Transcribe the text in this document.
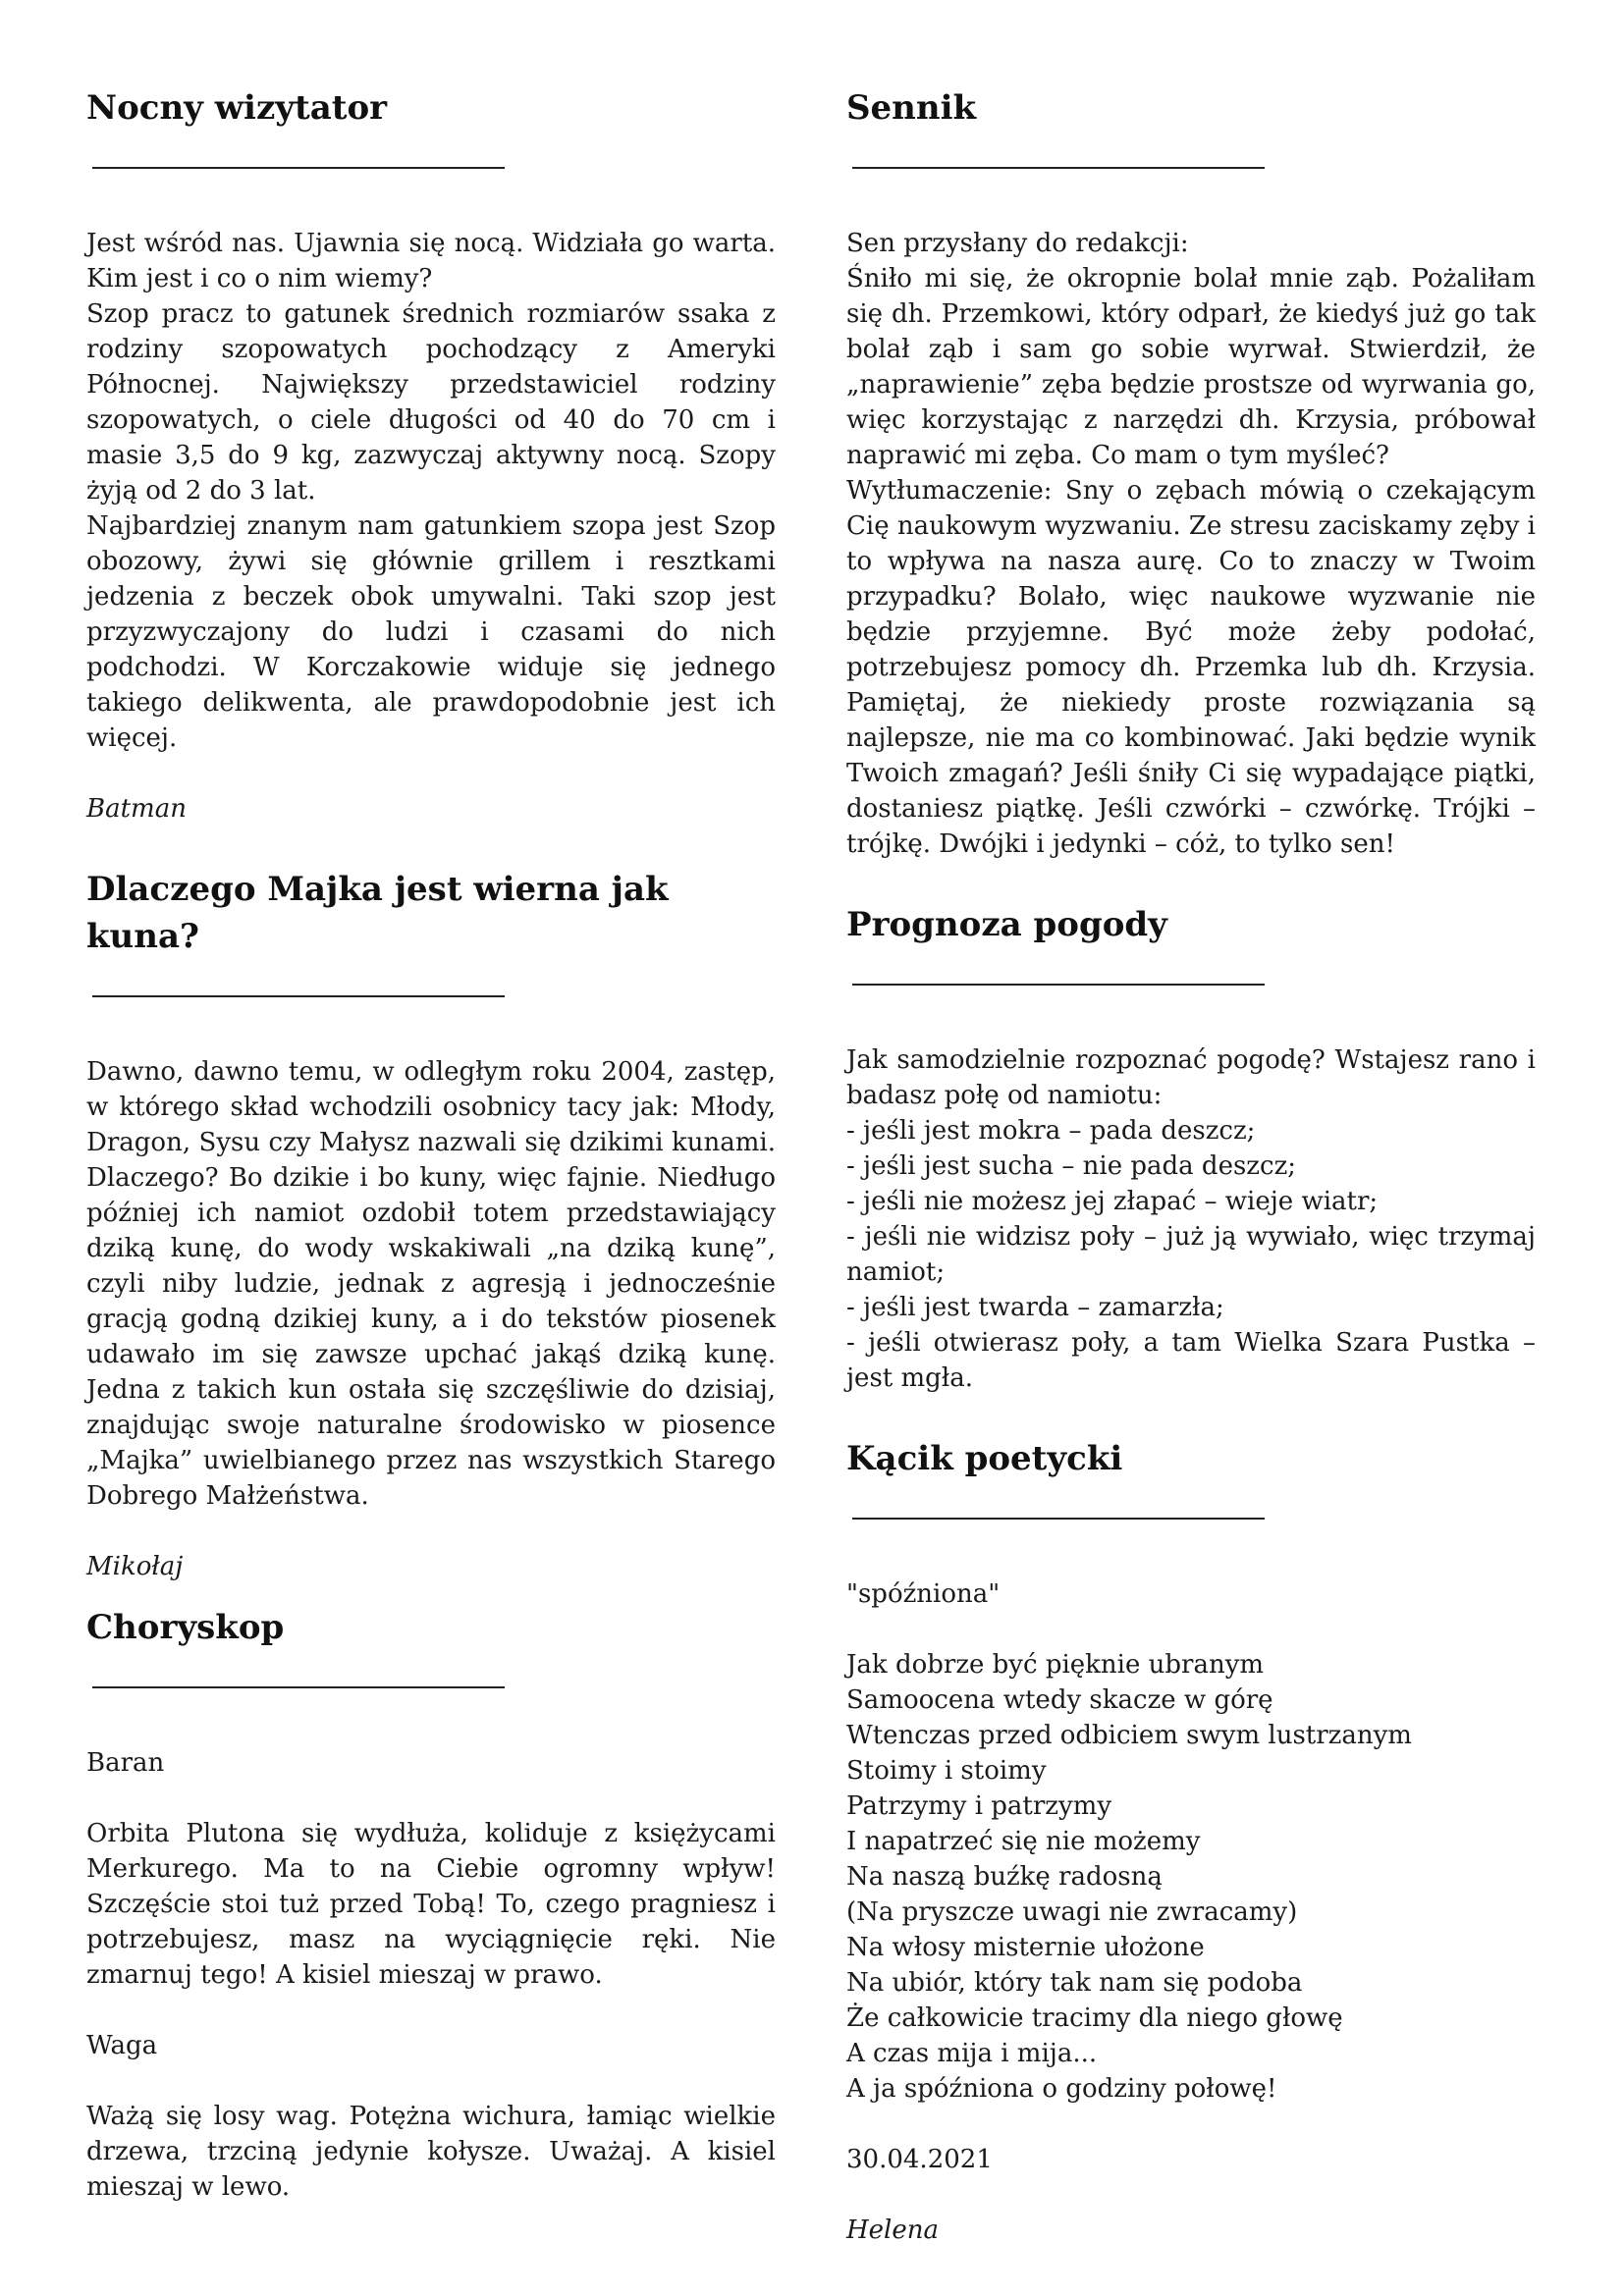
Nocny wizytator

Jest wśród nas. Ujawnia się nocą. Widziała go warta. Kim jest i co o nim wiemy?

Szop pracz to gatunek średnich rozmiarów ssaka z rodziny szopowatych pochodzący z Ameryki Północnej. Największy przedstawiciel rodziny szopowatych, o ciele długości od 40 do 70 cm i masie 3,5 do 9 kg, zazwyczaj aktywny nocą. Szopy żyją od 2 do 3 lat.

Najbardziej znanym nam gatunkiem szopa jest Szop obozowy, żywi się głównie grillem i resztkami jedzenia z beczek obok umywalni. Taki szop jest przyzwyczajony do ludzi i czasami do nich podchodzi. W Korczakowie widuje się jednego takiego delikwenta, ale prawdopodobnie jest ich więcej.

Batman

Dlaczego Majka jest wierna jak kuna?

Dawno, dawno temu, w odległym roku 2004, zastęp, w którego skład wchodzili osobnicy tacy jak: Młody, Dragon, Sysu czy Małysz nazwali się dzikimi kunami. Dlaczego? Bo dzikie i bo kuny, więc fajnie. Niedługo później ich namiot ozdobił totem przedstawiający dziką kunę, do wody wskakiwali „na dziką kunę”, czyli niby ludzie, jednak z agresją i jednocześnie gracją godną dzikiej kuny, a i do tekstów piosenek udawało im się zawsze upchać jakąś dziką kunę. Jedna z takich kun ostała się szczęśliwie do dzisiaj, znajdując swoje naturalne środowisko w piosence „Majka” uwielbianego przez nas wszystkich Starego Dobrego Małżeństwa.

Mikołaj

Choryskop

Baran

Orbita Plutona się wydłuża, koliduje z księżycami Merkurego. Ma to na Ciebie ogromny wpływ! Szczęście stoi tuż przed Tobą! To, czego pragniesz i potrzebujesz, masz na wyciągnięcie ręki. Nie zmarnuj tego! A kisiel mieszaj w prawo.

Waga

Ważą się losy wag. Potężna wichura, łamiąc wielkie drzewa, trzciną jedynie kołysze. Uważaj. A kisiel mieszaj w lewo.

Sennik

Sen przysłany do redakcji:

Śniło mi się, że okropnie bolał mnie ząb. Pożaliłam się dh. Przemkowi, który odparł, że kiedyś już go tak bolał ząb i sam go sobie wyrwał. Stwierdził, że „naprawienie” zęba będzie prostsze od wyrwania go, więc korzystając z narzędzi dh. Krzysia, próbował naprawić mi zęba. Co mam o tym myśleć?

Wytłumaczenie: Sny o zębach mówią o czekającym Cię naukowym wyzwaniu. Ze stresu zaciskamy zęby i to wpływa na nasza aurę. Co to znaczy w Twoim przypadku? Bolało, więc naukowe wyzwanie nie będzie przyjemne. Być może żeby podołać, potrzebujesz pomocy dh. Przemka lub dh. Krzysia. Pamiętaj, że niekiedy proste rozwiązania są najlepsze, nie ma co kombinować. Jaki będzie wynik Twoich zmagań? Jeśli śniły Ci się wypadające piątki, dostaniesz piątkę. Jeśli czwórki – czwórkę. Trójki – trójkę. Dwójki i jedynki – cóż, to tylko sen!

Prognoza pogody

Jak samodzielnie rozpoznać pogodę? Wstajesz rano i badasz połę od namiotu:

- jeśli jest mokra – pada deszcz;

- jeśli jest sucha – nie pada deszcz;

- jeśli nie możesz jej złapać – wieje wiatr;

- jeśli nie widzisz poły – już ją wywiało, więc trzymaj namiot;

- jeśli jest twarda – zamarzła;

- jeśli otwierasz poły, a tam Wielka Szara Pustka – jest mgła.

Kącik poetycki

"spóźniona"

Jak dobrze być pięknie ubranym

Samoocena wtedy skacze w górę

Wtenczas przed odbiciem swym lustrzanym

Stoimy i stoimy

Patrzymy i patrzymy

I napatrzeć się nie możemy

Na naszą buźkę radosną

(Na pryszcze uwagi nie zwracamy)

Na włosy misternie ułożone

Na ubiór, który tak nam się podoba

Że całkowicie tracimy dla niego głowę

A czas mija i mija...

A ja spóźniona o godziny połowę!

30.04.2021

Helena
